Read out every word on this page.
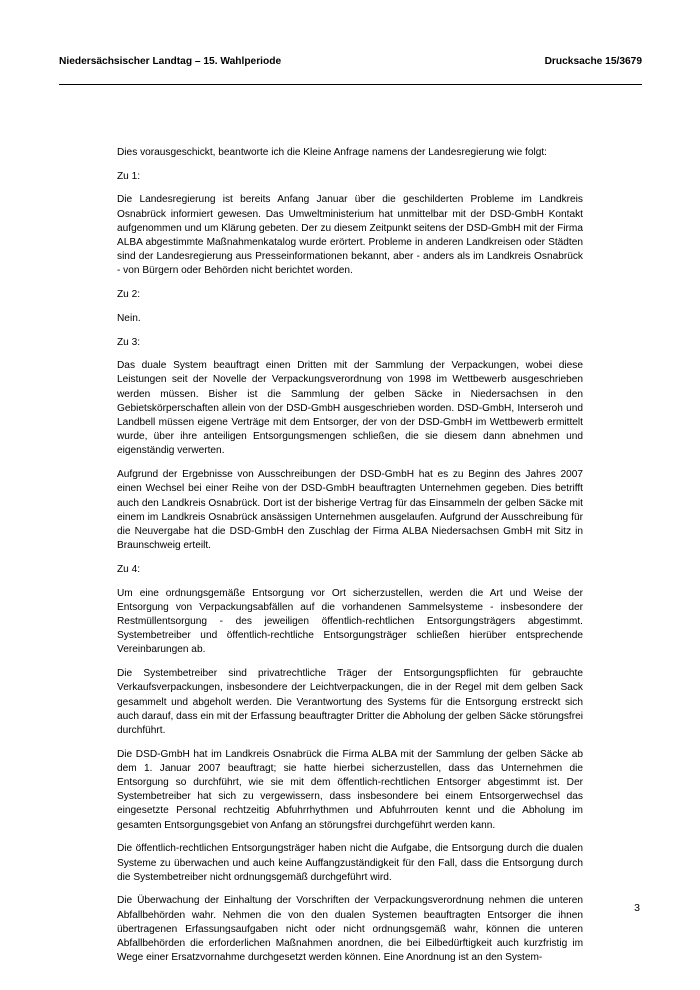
Niedersächsischer Landtag – 15. Wahlperiode	Drucksache 15/3679

Dies vorausgeschickt, beantworte ich die Kleine Anfrage namens der Landesregierung wie folgt:

Zu 1:

Die Landesregierung ist bereits Anfang Januar über die geschilderten Probleme im Landkreis Osnabrück informiert gewesen. Das Umweltministerium hat unmittelbar mit der DSD-GmbH Kontakt aufgenommen und um Klärung gebeten. Der zu diesem Zeitpunkt seitens der DSD-GmbH mit der Firma ALBA abgestimmte Maßnahmenkatalog wurde erörtert. Probleme in anderen Landkreisen oder Städten sind der Landesregierung aus Presseinformationen bekannt, aber - anders als im Landkreis Osnabrück - von Bürgern oder Behörden nicht berichtet worden.

Zu 2:

Nein.

Zu 3:

Das duale System beauftragt einen Dritten mit der Sammlung der Verpackungen, wobei diese Leistungen seit der Novelle der Verpackungsverordnung von 1998 im Wettbewerb ausgeschrieben werden müssen. Bisher ist die Sammlung der gelben Säcke in Niedersachsen in den Gebietskörperschaften allein von der DSD-GmbH ausgeschrieben worden. DSD-GmbH, Interseroh und Landbell müssen eigene Verträge mit dem Entsorger, der von der DSD-GmbH im Wettbewerb ermittelt wurde, über ihre anteiligen Entsorgungsmengen schließen, die sie diesem dann abnehmen und eigenständig verwerten.

Aufgrund der Ergebnisse von Ausschreibungen der DSD-GmbH hat es zu Beginn des Jahres 2007 einen Wechsel bei einer Reihe von der DSD-GmbH beauftragten Unternehmen gegeben. Dies betrifft auch den Landkreis Osnabrück. Dort ist der bisherige Vertrag für das Einsammeln der gelben Säcke mit einem im Landkreis Osnabrück ansässigen Unternehmen ausgelaufen. Aufgrund der Ausschreibung für die Neuvergabe hat die DSD-GmbH den Zuschlag der Firma ALBA Niedersachsen GmbH mit Sitz in Braunschweig erteilt.

Zu 4:

Um eine ordnungsgemäße Entsorgung vor Ort sicherzustellen, werden die Art und Weise der Entsorgung von Verpackungsabfällen auf die vorhandenen Sammelsysteme - insbesondere der Restmüllentsorgung - des jeweiligen öffentlich-rechtlichen Entsorgungsträgers abgestimmt. Systembetreiber und öffentlich-rechtliche Entsorgungsträger schließen hierüber entsprechende Vereinbarungen ab.

Die Systembetreiber sind privatrechtliche Träger der Entsorgungspflichten für gebrauchte Verkaufsverpackungen, insbesondere der Leichtverpackungen, die in der Regel mit dem gelben Sack gesammelt und abgeholt werden. Die Verantwortung des Systems für die Entsorgung erstreckt sich auch darauf, dass ein mit der Erfassung beauftragter Dritter die Abholung der gelben Säcke störungsfrei durchführt.

Die DSD-GmbH hat im Landkreis Osnabrück die Firma ALBA mit der Sammlung der gelben Säcke ab dem 1. Januar 2007 beauftragt; sie hatte hierbei sicherzustellen, dass das Unternehmen die Entsorgung so durchführt, wie sie mit dem öffentlich-rechtlichen Entsorger abgestimmt ist. Der Systembetreiber hat sich zu vergewissern, dass insbesondere bei einem Entsorgerwechsel das eingesetzte Personal rechtzeitig Abfuhrrhythmen und Abfuhrrouten kennt und die Abholung im gesamten Entsorgungsgebiet von Anfang an störungsfrei durchgeführt werden kann.

Die öffentlich-rechtlichen Entsorgungsträger haben nicht die Aufgabe, die Entsorgung durch die dualen Systeme zu überwachen und auch keine Auffangzuständigkeit für den Fall, dass die Entsorgung durch die Systembetreiber nicht ordnungsgemäß durchgeführt wird.

Die Überwachung der Einhaltung der Vorschriften der Verpackungsverordnung nehmen die unteren Abfallbehörden wahr. Nehmen die von den dualen Systemen beauftragten Entsorger die ihnen übertragenen Erfassungsaufgaben nicht oder nicht ordnungsgemäß wahr, können die unteren Abfallbehörden die erforderlichen Maßnahmen anordnen, die bei Eilbedürftigkeit auch kurzfristig im Wege einer Ersatzvornahme durchgesetzt werden können. Eine Anordnung ist an den System-

3
